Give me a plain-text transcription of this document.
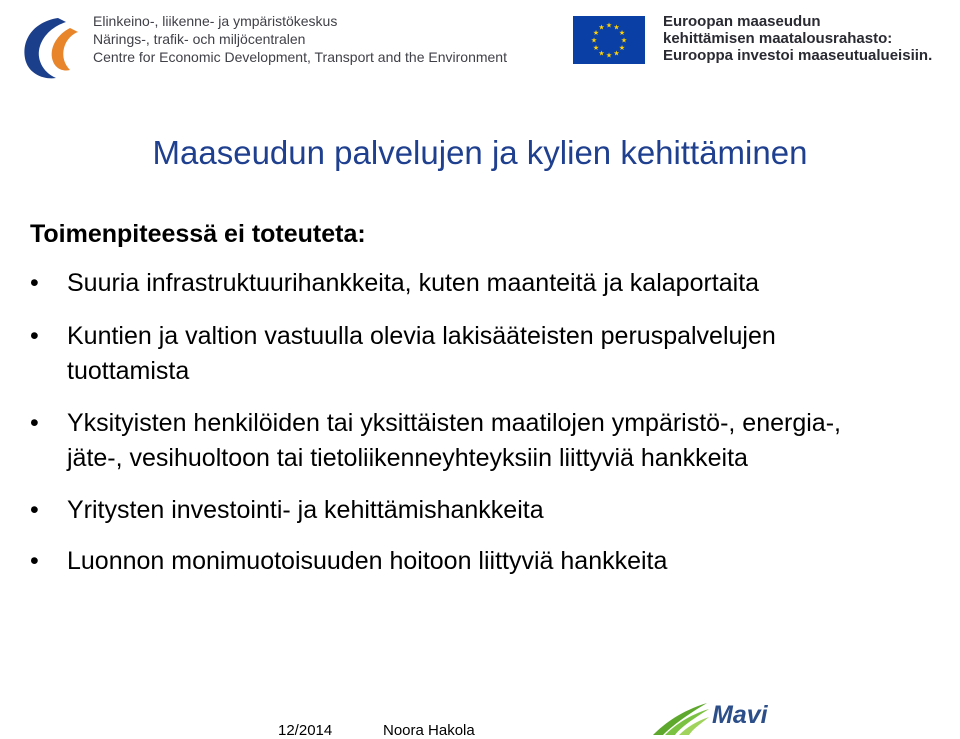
Elinkeino-, liikenne- ja ympäristökeskus
Närings-, trafik- och miljöcentralen
Centre for Economic Development, Transport and the Environment
★ ★
★
★
★
★
★
★
★
★
★
★	Euroopan maaseudun
kehittämisen maatalousrahasto:
Eurooppa investoi maaseutualueisiin.
Maaseudun palvelujen ja kylien kehittäminen
Toimenpiteessä ei toteuteta:
Suuria infrastruktuurihankkeita, kuten maanteitä ja kalaportaita
Kuntien ja valtion vastuulla olevia lakisääteisten peruspalvelujen
tuottamista
Yksityisten henkilöiden tai yksittäisten maatilojen ympäristö-, energia-,
jäte-, vesihuoltoon tai tietoliikenneyhteyksiin liittyviä hankkeita
Yritysten investointi- ja kehittämishankkeita
Luonnon monimuotoisuuden hoitoon liittyviä hankkeita
12/2014	Noora Hakola
Mavi
